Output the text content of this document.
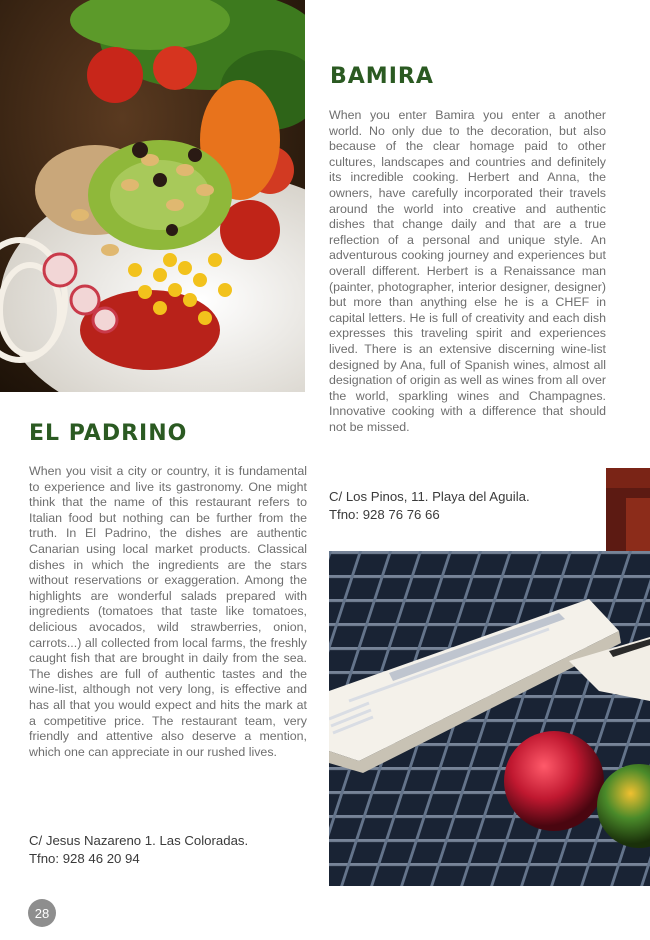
BAMIRA

When you enter Bamira you enter a another world. No only due to the decoration, but also because of the clear homage paid to other cultures, landscapes and countries and definitely its incredible cooking. Herbert and Anna, the owners, have carefully incorporated their travels around the world into creative and authentic dishes that change daily and that are a true reflection of a personal and unique style. An adventurous cooking journey and experiences but overall different. Herbert is a Renaissance man (painter, photographer, interior designer, designer) but more than anything else he is a CHEF in capital letters. He is full of creativity and each dish expresses this traveling spirit and experiences lived. There is an extensive discerning wine-list designed by Ana, full of Spanish wines, almost all designation of origin as well as wines from all over the world, sparkling wines and Champagnes. Innovative cooking with a difference that should not be missed.

C/ Los Pinos, 11. Playa del Aguila.
Tfno: 928 76 76 66
EL PADRINO

When you visit a city or country, it is fundamental to experience and live its gastronomy. One might think that the name of this restaurant refers to Italian food but nothing can be further from the truth. In El Padrino, the dishes are authentic Canarian using local market products. Classical dishes in which the ingredients are the stars without reservations or exaggeration. Among the highlights are wonderful salads prepared with ingredients (tomatoes that taste like tomatoes, delicious avocados, wild strawberries, onion, carrots...) all collected from local farms, the freshly caught fish that are brought in daily from the sea. The dishes are full of authentic tastes and the wine-list, although not very long, is effective and has all that you would expect and hits the mark at a competitive price. The restaurant team, very friendly and attentive also deserve a mention, which one can appreciate in our rushed lives.

C/ Jesus Nazareno 1. Las Coloradas.
Tfno: 928 46 20 94
28
